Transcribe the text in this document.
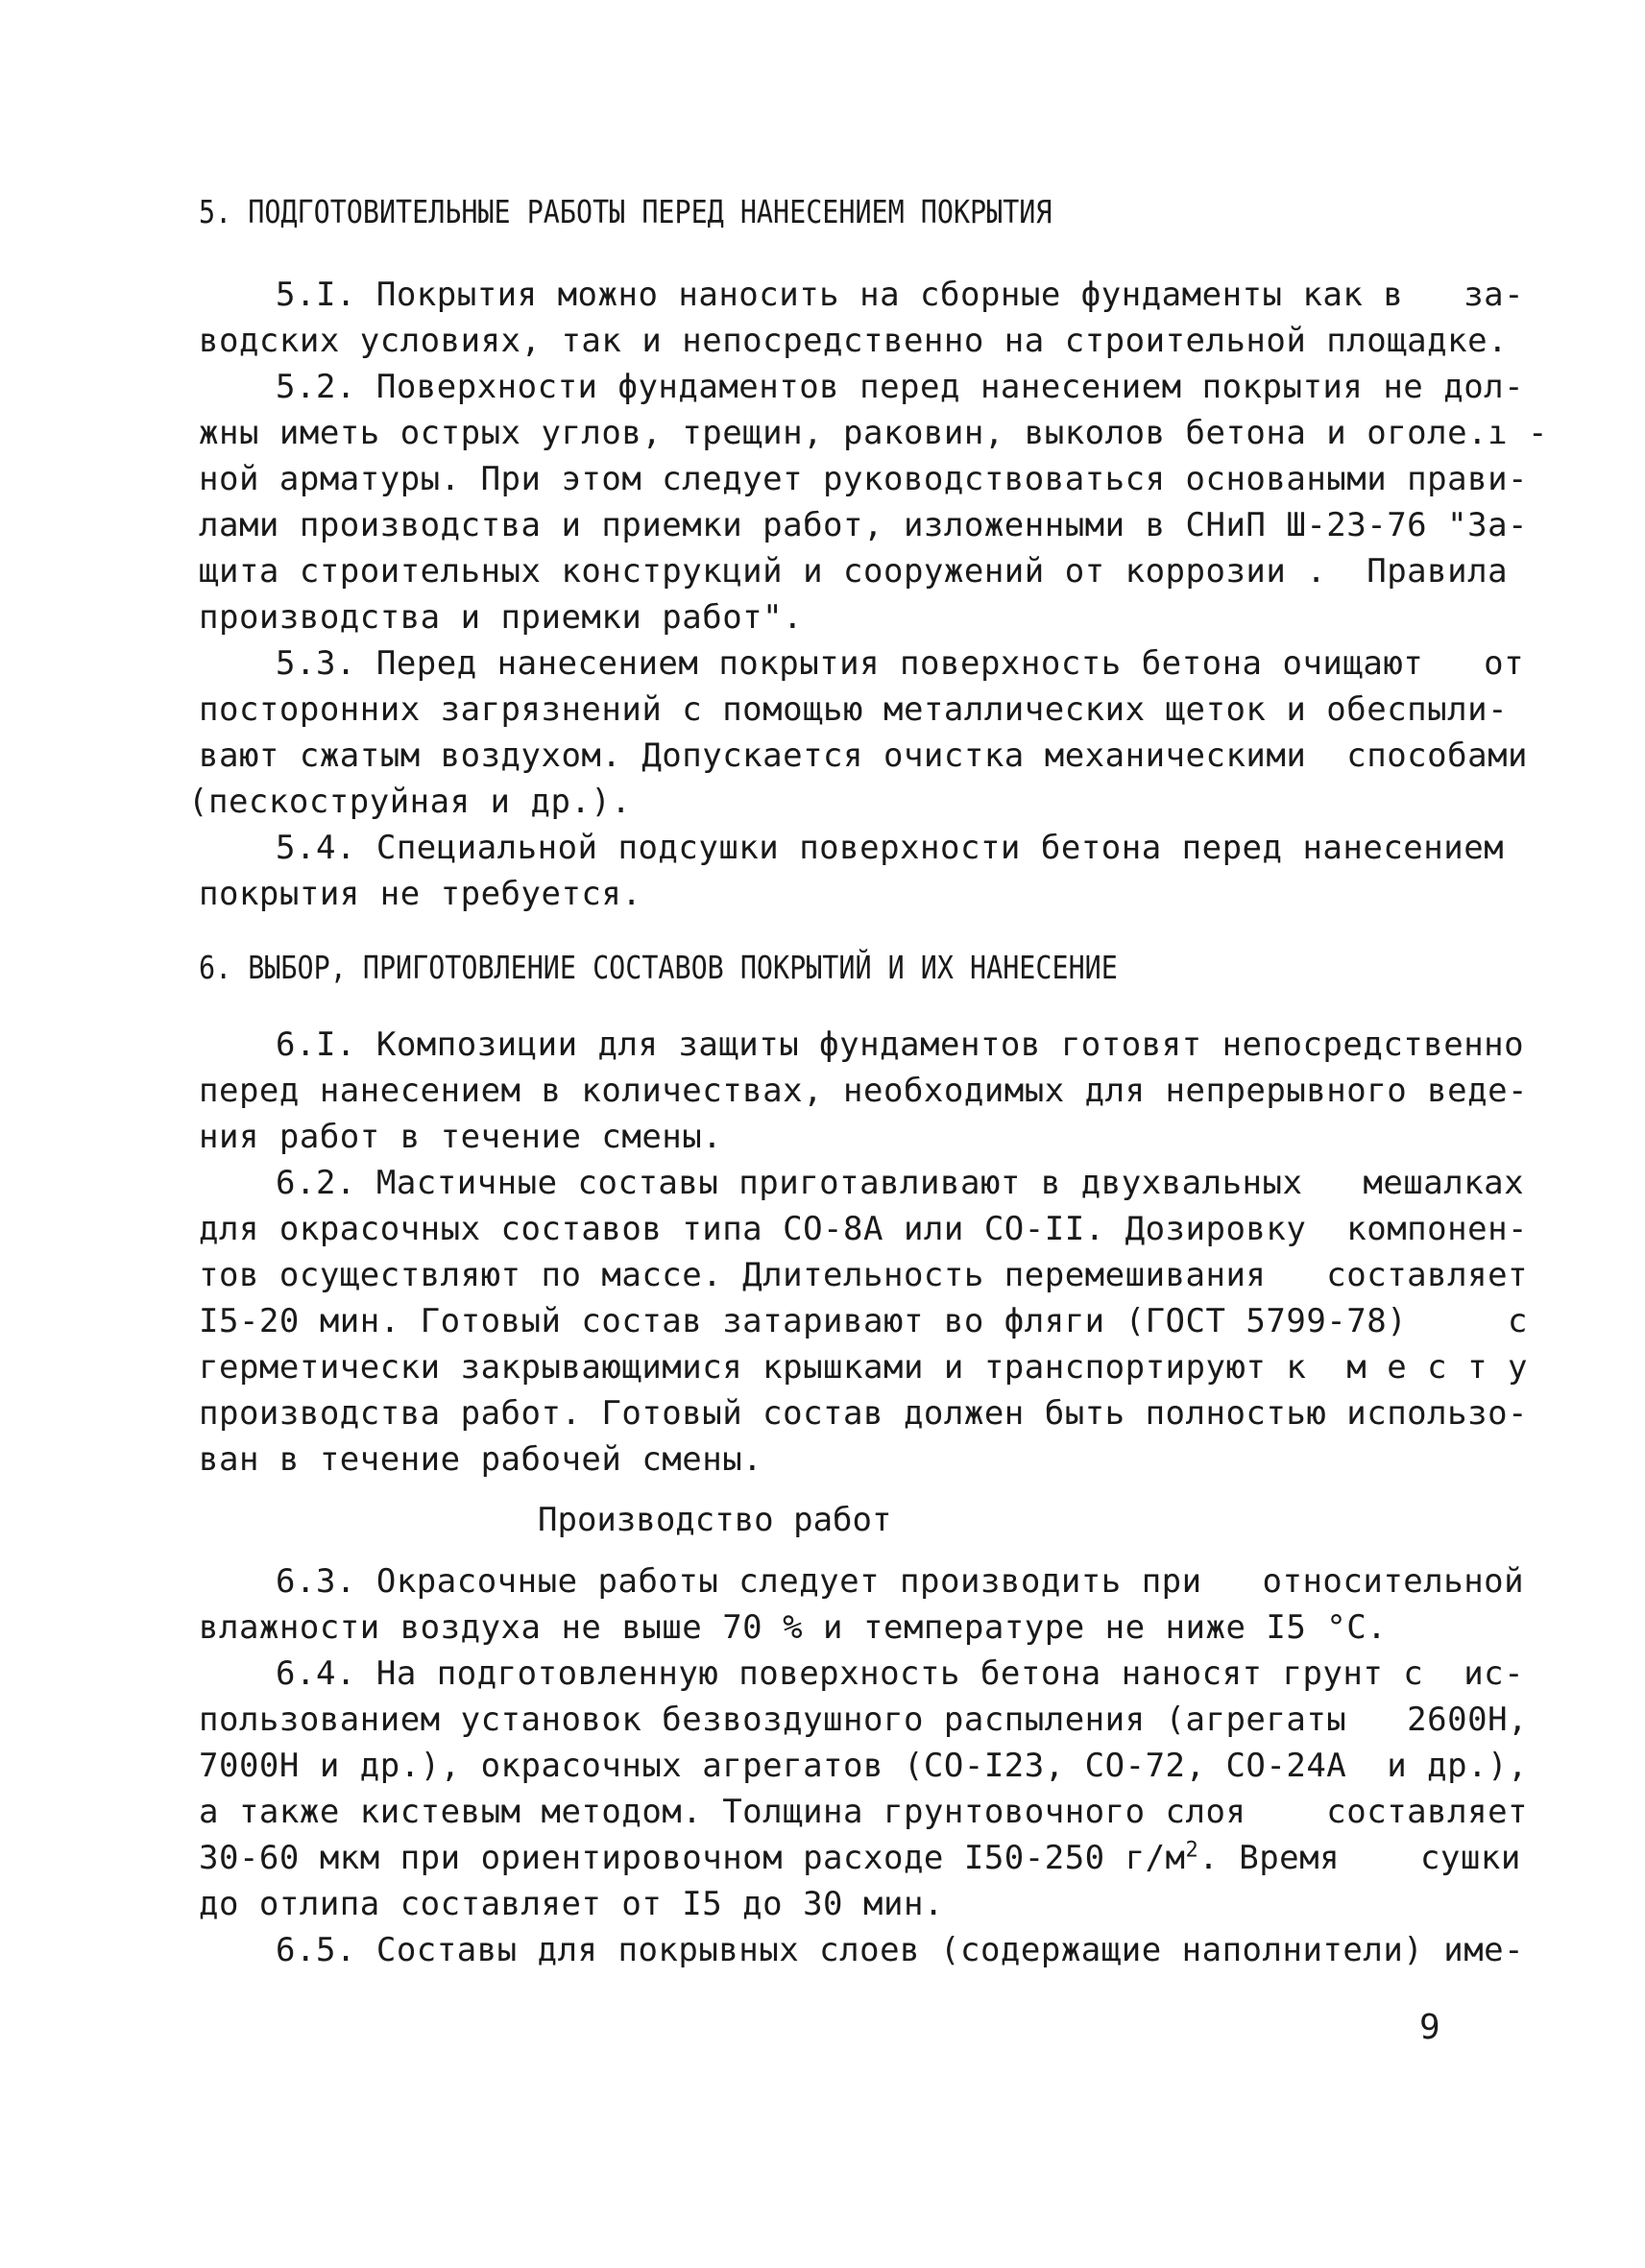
5. ПОДГОТОВИТЕЛЬНЫЕ РАБОТЫ ПЕРЕД НАНЕСЕНИЕМ ПОКРЫТИЯ
5.I. Покрытия можно наносить на сборные фундаменты как в   за-
водских условиях, так и непосредственно на строительной площадке.
5.2. Поверхности фундаментов перед нанесением покрытия не дол-
жны иметь острых углов, трещин, раковин, выколов бетона и оголе.ı -
ной арматуры. При этом следует руководствоваться основаными прави-
лами производства и приемки работ, изложенными в СНиП Ш-23-76 "За-
щита строительных конструкций и сооружений от коррозии .  Правила
производства и приемки работ".
5.3. Перед нанесением покрытия поверхность бетона очищают   от
посторонних загрязнений с помощью металлических щеток и обеспыли-
вают сжатым воздухом. Допускается очистка механическими  способами
(пескоструйная и др.).
5.4. Специальной подсушки поверхности бетона перед нанесением
покрытия не требуется.
6. ВЫБОР, ПРИГОТОВЛЕНИЕ СОСТАВОВ ПОКРЫТИЙ И ИХ НАНЕСЕНИЕ
6.I. Композиции для защиты фундаментов готовят непосредственно
перед нанесением в количествах, необходимых для непрерывного веде-
ния работ в течение смены.
6.2. Мастичные составы приготавливают в двухвальных   мешалках
для окрасочных составов типа СО-8А или СО-II. Дозировку  компонен-
тов осуществляют по массе. Длительность перемешивания   составляет
I5-20 мин. Готовый состав затаривают во фляги (ГОСТ 5799-78)     с
герметически закрывающимися крышками и транспортируют к  м е с т у
производства работ. Готовый состав должен быть полностью использо-
ван в течение рабочей смены.
Производство работ
6.3. Окрасочные работы следует производить при   относительной
влажности воздуха не выше 70 % и температуре не ниже I5 °С.
6.4. На подготовленную поверхность бетона наносят грунт с  ис-
пользованием установок безвоздушного распыления (агрегаты   2600Н,
7000Н и др.), окрасочных агрегатов (СО-I23, СО-72, СО-24А  и др.),
а также кистевым методом. Толщина грунтовочного слоя    составляет
30-60 мкм при ориентировочном расходе I50-250 $г/м^2$. Время    сушки
до отлипа составляет от I5 до 30 мин.
6.5. Составы для покрывных слоев (содержащие наполнители) име-
9
